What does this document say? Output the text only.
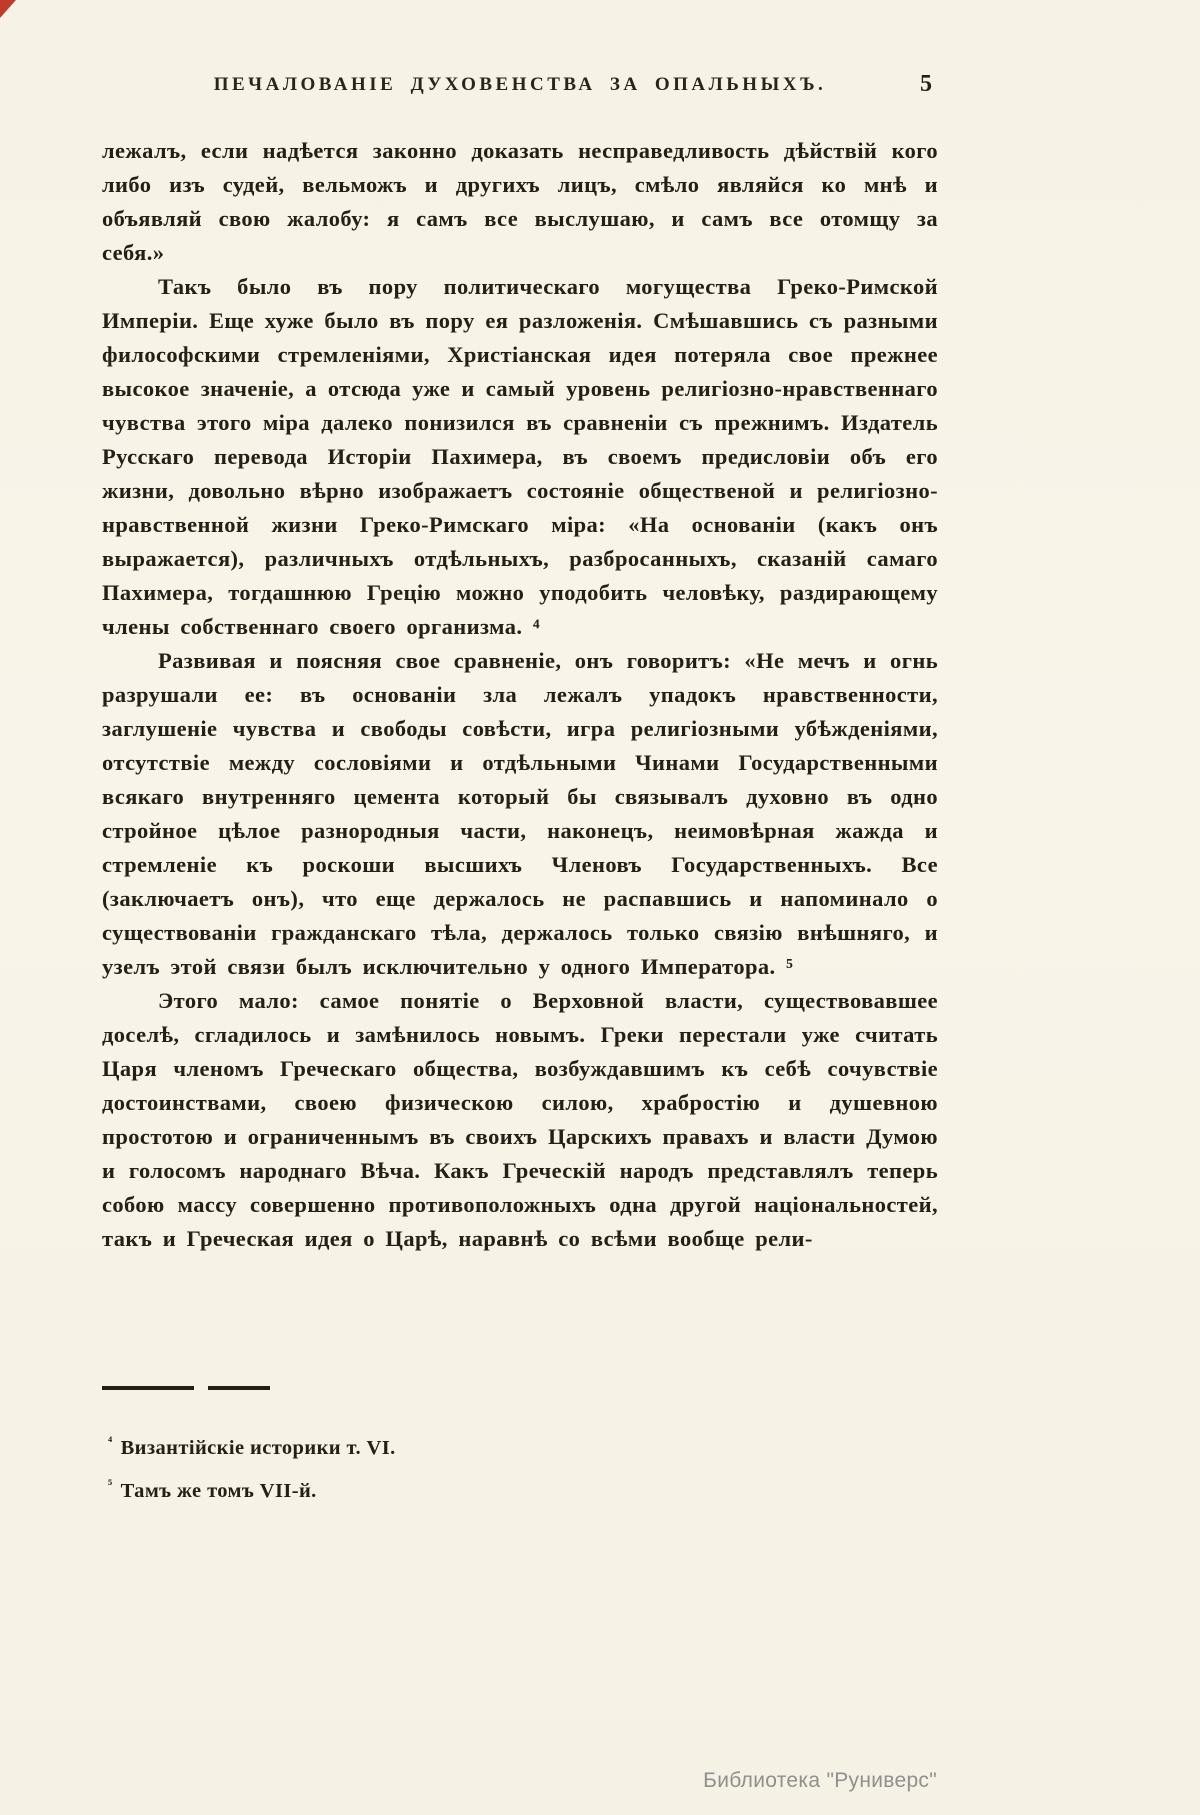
ПЕЧАЛОВАНІЕ ДУХОВЕНСТВА ЗА ОПАЛЬНЫХЪ.	5

лежалъ, если надѣется законно доказать несправедливость дѣйствій кого либо изъ судей, вельможъ и другихъ лицъ, смѣло являйся ко мнѣ и объявляй свою жалобу: я самъ все выслушаю, и самъ все отомщу за себя.»

Такъ было въ пору политическаго могущества Греко-Римской Имперіи. Еще хуже было въ пору ея разложенія. Смѣшавшись съ разными философскими стремленіями, Христіанская идея потеряла свое прежнее высокое значеніе, а отсюда уже и самый уровень религіозно-нравственнаго чувства этого міра далеко понизился въ сравненіи съ прежнимъ. Издатель Русскаго перевода Исторіи Пахимера, въ своемъ предисловіи объ его жизни, довольно вѣрно изображаетъ состояніе общественой и религіозно-нравственной жизни Греко-Римскаго міра: «На основаніи (какъ онъ выражается), различныхъ отдѣльныхъ, разбросанныхъ, сказаній самаго Пахимера, тогдашнюю Грецію можно уподобить человѣку, раздирающему члены собственнаго своего организма. ⁴

Развивая и поясняя свое сравненіе, онъ говоритъ: «Не мечъ и огнь разрушали ее: въ основаніи зла лежалъ упадокъ нравственности, заглушеніе чувства и свободы совѣсти, игра религіозными убѣжденіями, отсутствіе между сословіями и отдѣльными Чинами Государственными всякаго внутренняго цемента который бы связывалъ духовно въ одно стройное цѣлое разнородныя части, наконецъ, неимовѣрная жажда и стремленіе къ роскоши высшихъ Членовъ Государственныхъ. Все (заключаетъ онъ), что еще держалось не распавшись и напоминало о существованіи гражданскаго тѣла, держалось только связію внѣшняго, и узелъ этой связи былъ исключительно у одного Императора. ⁵

Этого мало: самое понятіе о Верховной власти, существовавшее доселѣ, сгладилось и замѣнилось новымъ. Греки перестали уже считать Царя членомъ Греческаго общества, возбуждавшимъ къ себѣ сочувствіе достоинствами, своею физическою силою, храбростію и душевною простотою и ограниченнымъ въ своихъ Царскихъ правахъ и власти Думою и голосомъ народнаго Вѣча. Какъ Греческій народъ представлялъ теперь собою массу совершенно противоположныхъ одна другой національностей, такъ и Греческая идея о Царѣ, наравнѣ со всѣми вообще рели-

$^{^4}$ Византійскіе историки т. VI.

$^{^5}$ Тамъ же томъ VII-й.

Библиотека "Руниверс"
